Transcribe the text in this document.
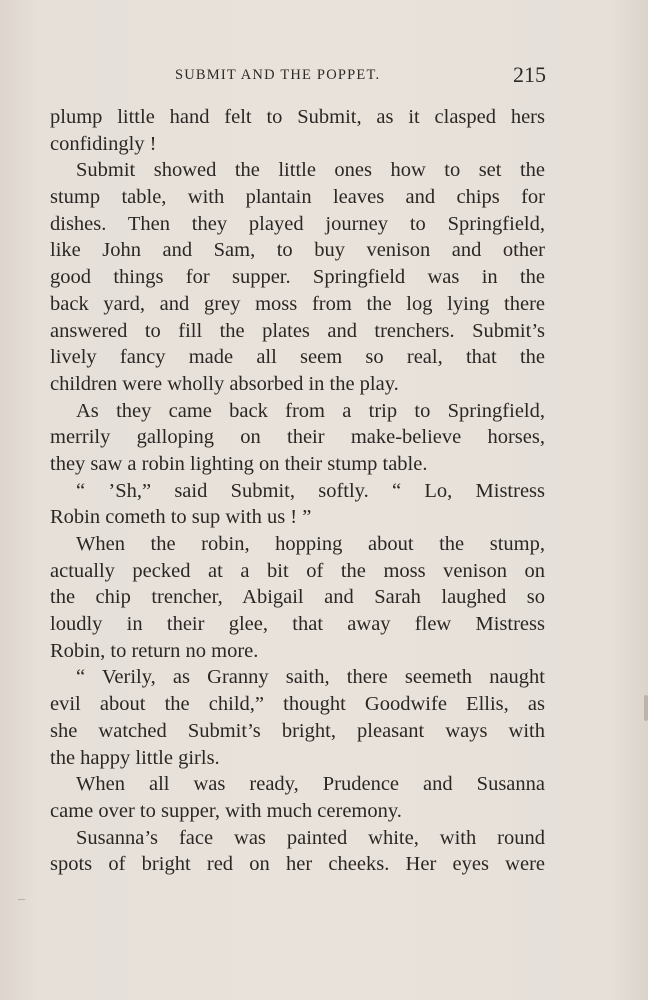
SUBMIT AND THE POPPET.	215
plump little hand felt to Submit, as it clasped hers
confidingly !
Submit showed the little ones how to set the
stump table, with plantain leaves and chips for
dishes. Then they played journey to Springfield,
like John and Sam, to buy venison and other
good things for supper. Springfield was in the
back yard, and grey moss from the log lying there
answered to fill the plates and trenchers. Submit’s
lively fancy made all seem so real, that the
children were wholly absorbed in the play.
As they came back from a trip to Springfield,
merrily galloping on their make-believe horses,
they saw a robin lighting on their stump table.
“ ’Sh,” said Submit, softly. “ Lo, Mistress
Robin cometh to sup with us ! ”
When the robin, hopping about the stump,
actually pecked at a bit of the moss venison on
the chip trencher, Abigail and Sarah laughed so
loudly in their glee, that away flew Mistress
Robin, to return no more.
“ Verily, as Granny saith, there seemeth naught
evil about the child,” thought Goodwife Ellis, as
she watched Submit’s bright, pleasant ways with
the happy little girls.
When all was ready, Prudence and Susanna
came over to supper, with much ceremony.
Susanna’s face was painted white, with round
spots of bright red on her cheeks. Her eyes were
